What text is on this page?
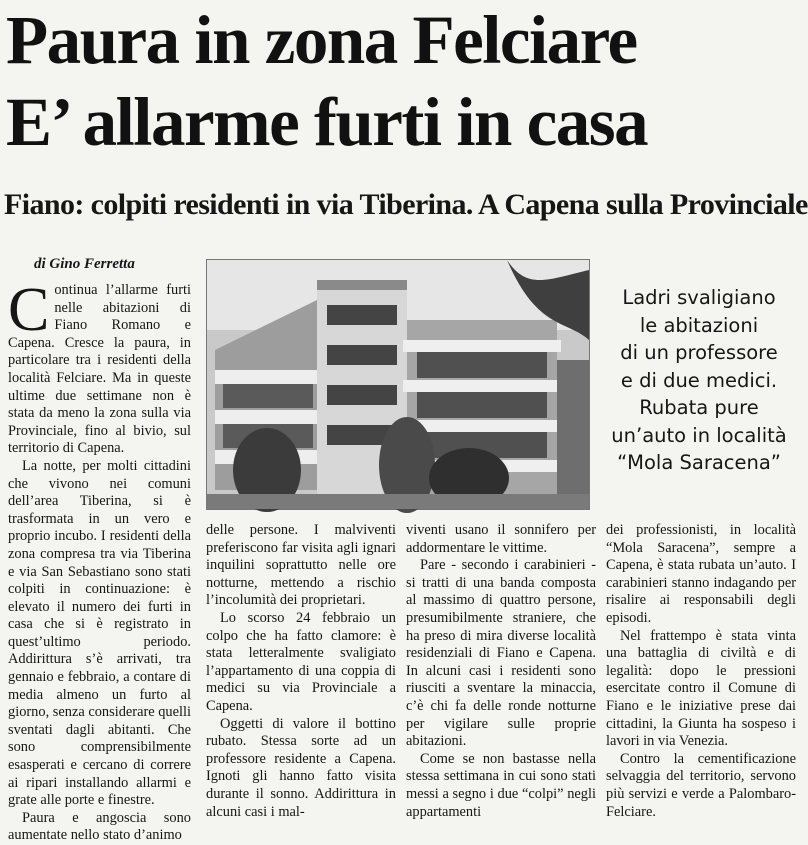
Paura in zona Felciare
E’ allarme furti in casa
Fiano: colpiti residenti in via Tiberina. A Capena sulla Provinciale
di Gino Ferretta

Continua l’allarme furti nelle abitazioni di Fiano Romano e Capena. Cresce la paura, in particolare tra i residenti della località Felciare. Ma in queste ultime due settimane non è stata da meno la zona sulla via Provinciale, fino al bivio, sul territorio di Capena.

La notte, per molti cittadini che vivono nei comuni dell’area Tiberina, si è trasformata in un vero e proprio incubo. I residenti della zona compresa tra via Tiberina e via San Sebastiano sono stati colpiti in continuazione: è elevato il numero dei furti in casa che si è registrato in quest’ultimo periodo. Addirittura s’è arrivati, tra gennaio e febbraio, a contare di media almeno un furto al giorno, senza considerare quelli sventati dagli abitanti. Che sono comprensibilmente esasperati e cercano di correre ai ripari installando allarmi e grate alle porte e finestre.

Paura e angoscia sono aumentate nello stato d’animo

Ladri svaligiano
le abitazioni
di un professore
e di due medici.
Rubata pure
un’auto in località
“Mola Saracena”

delle persone. I malviventi preferiscono far visita agli ignari inquilini soprattutto nelle ore notturne, mettendo a rischio l’incolumità dei proprietari.

Lo scorso 24 febbraio un colpo che ha fatto clamore: è stata letteralmente svaligiato l’appartamento di una coppia di medici su via Provinciale a Capena.

Oggetti di valore il bottino rubato. Stessa sorte ad un professore residente a Capena. Ignoti gli hanno fatto visita durante il sonno. Addirittura in alcuni casi i mal-

viventi usano il sonnifero per addormentare le vittime.

Pare - secondo i carabinieri - si tratti di una banda composta al massimo di quattro persone, presumibilmente straniere, che ha preso di mira diverse località residenziali di Fiano e Capena. In alcuni casi i residenti sono riusciti a sventare la minaccia, c’è chi fa delle ronde notturne per vigilare sulle proprie abitazioni.

Come se non bastasse nella stessa settimana in cui sono stati messi a segno i due “colpi” negli appartamenti

dei professionisti, in località “Mola Saracena”, sempre a Capena, è stata rubata un’auto. I carabinieri stanno indagando per risalire ai responsabili degli episodi.

Nel frattempo è stata vinta una battaglia di civiltà e di legalità: dopo le pressioni esercitate contro il Comune di Fiano e le iniziative prese dai cittadini, la Giunta ha sospeso i lavori in via Venezia.

Contro la cementificazione selvaggia del territorio, servono più servizi e verde a Palombaro-Felciare.
